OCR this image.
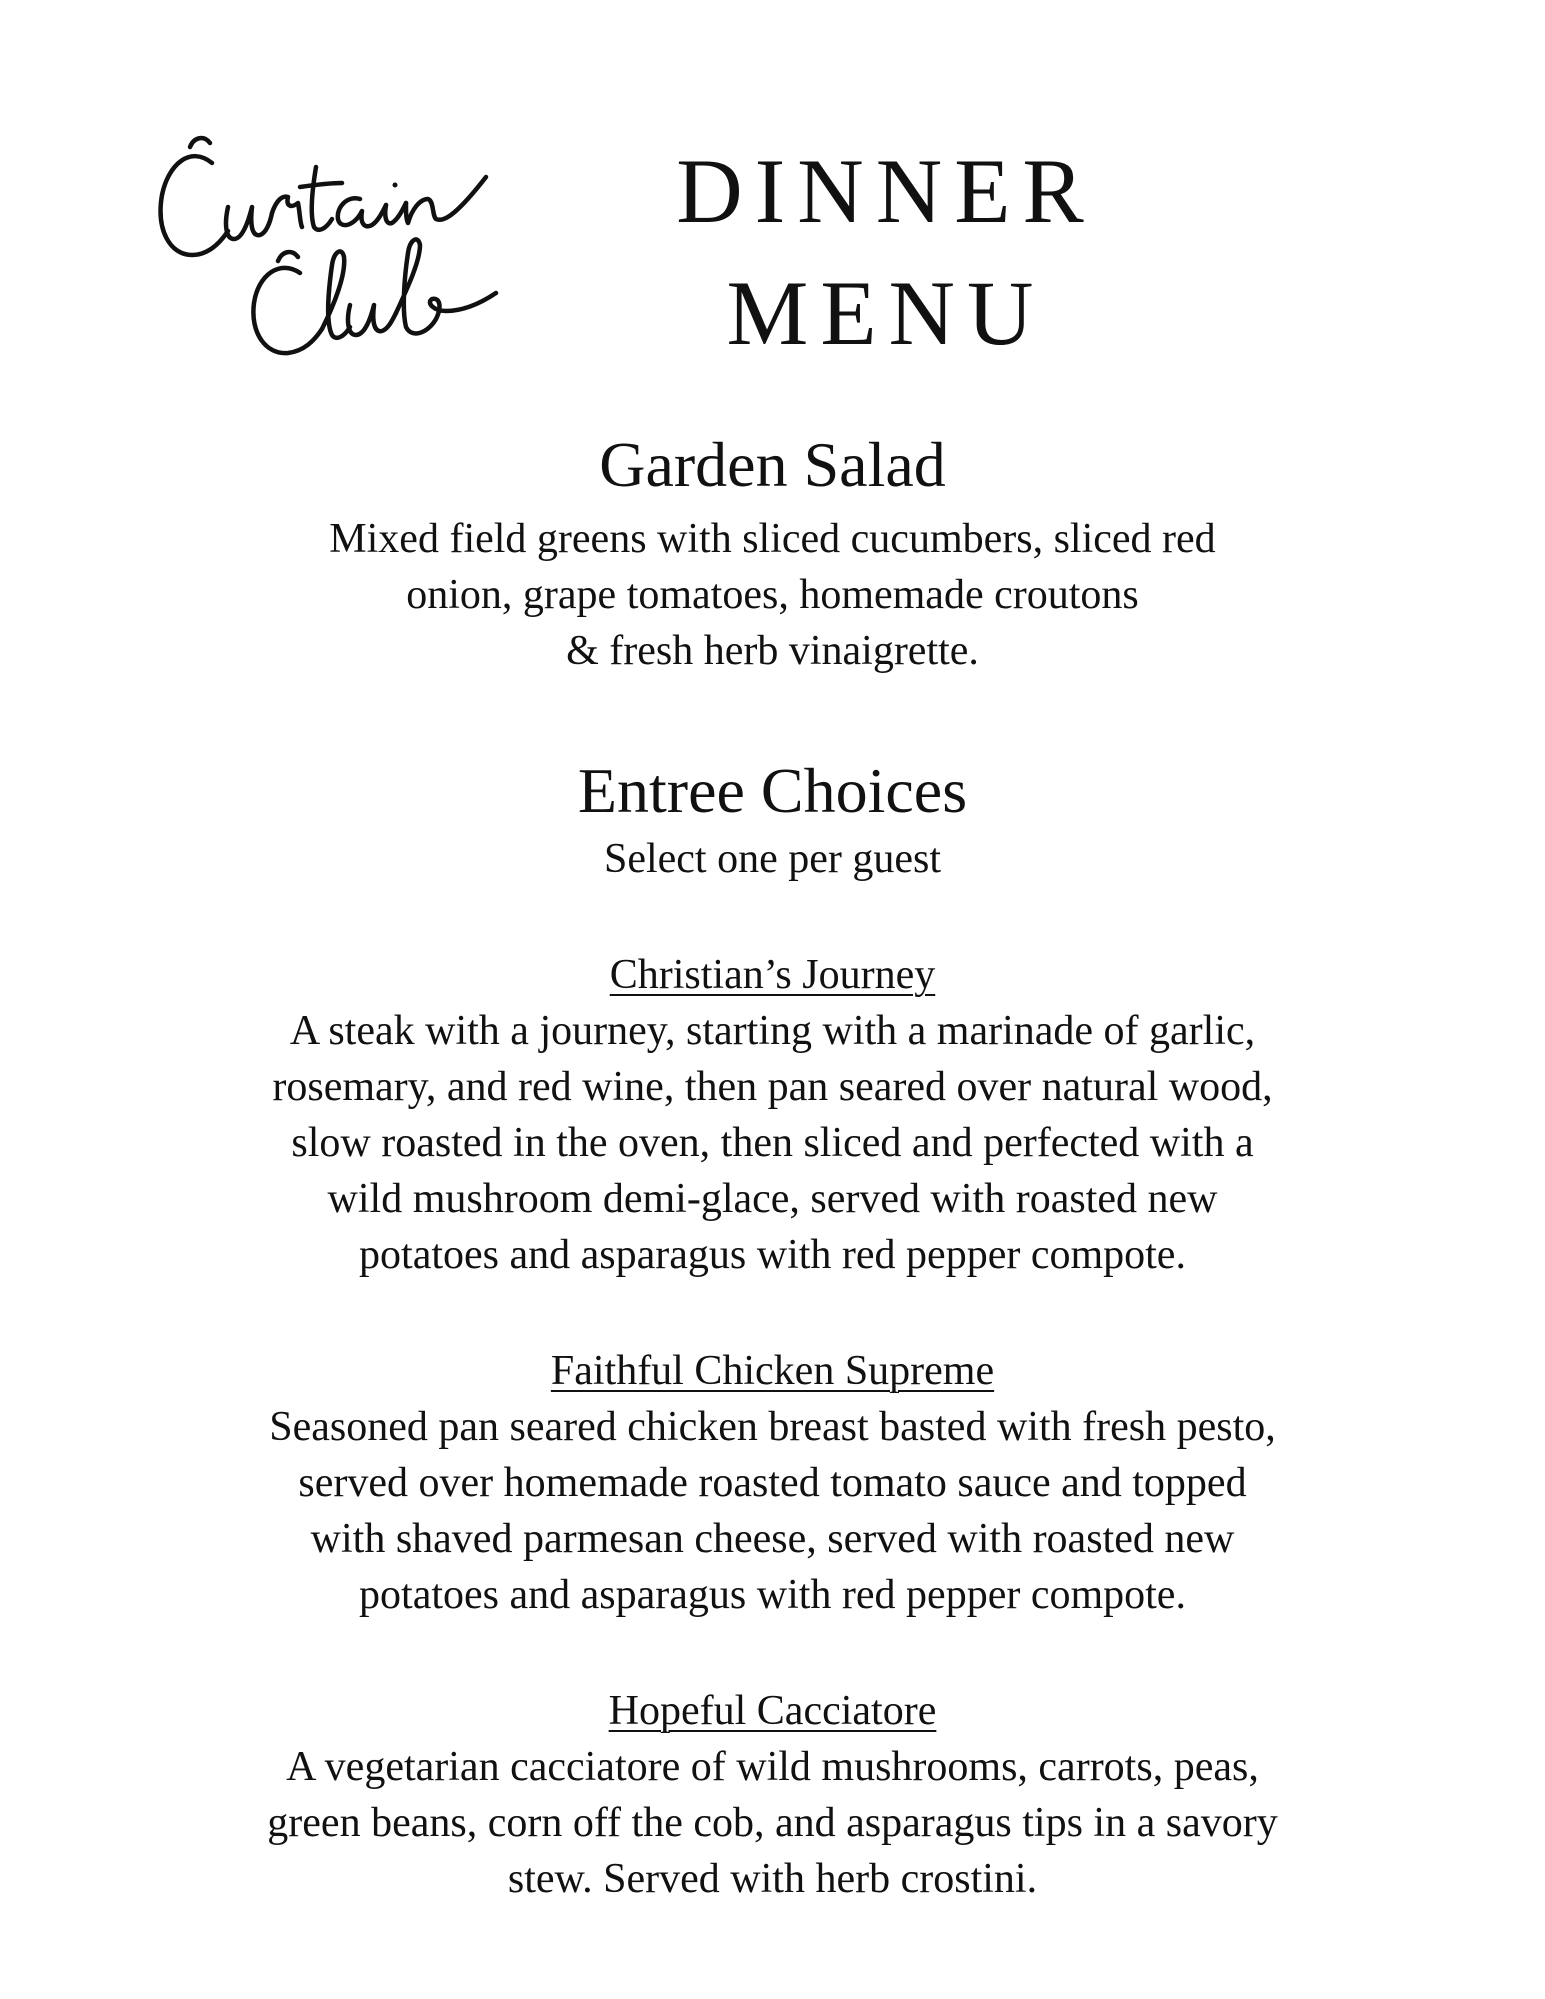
DINNER
MENU
Garden Salad
Mixed field greens with sliced cucumbers, sliced red
onion, grape tomatoes, homemade croutons
& fresh herb vinaigrette.
Entree Choices

Select one per guest

Christian’s Journey
A steak with a journey, starting with a marinade of garlic,
rosemary, and red wine, then pan seared over natural wood,
slow roasted in the oven, then sliced and perfected with a
wild mushroom demi-glace, served with roasted new
potatoes and asparagus with red pepper compote.
Faithful Chicken Supreme
Seasoned pan seared chicken breast basted with fresh pesto,
served over homemade roasted tomato sauce and topped
with shaved parmesan cheese, served with roasted new
potatoes and asparagus with red pepper compote.
Hopeful Cacciatore
A vegetarian cacciatore of wild mushrooms, carrots, peas,
green beans, corn off the cob, and asparagus tips in a savory
stew. Served with herb crostini.
